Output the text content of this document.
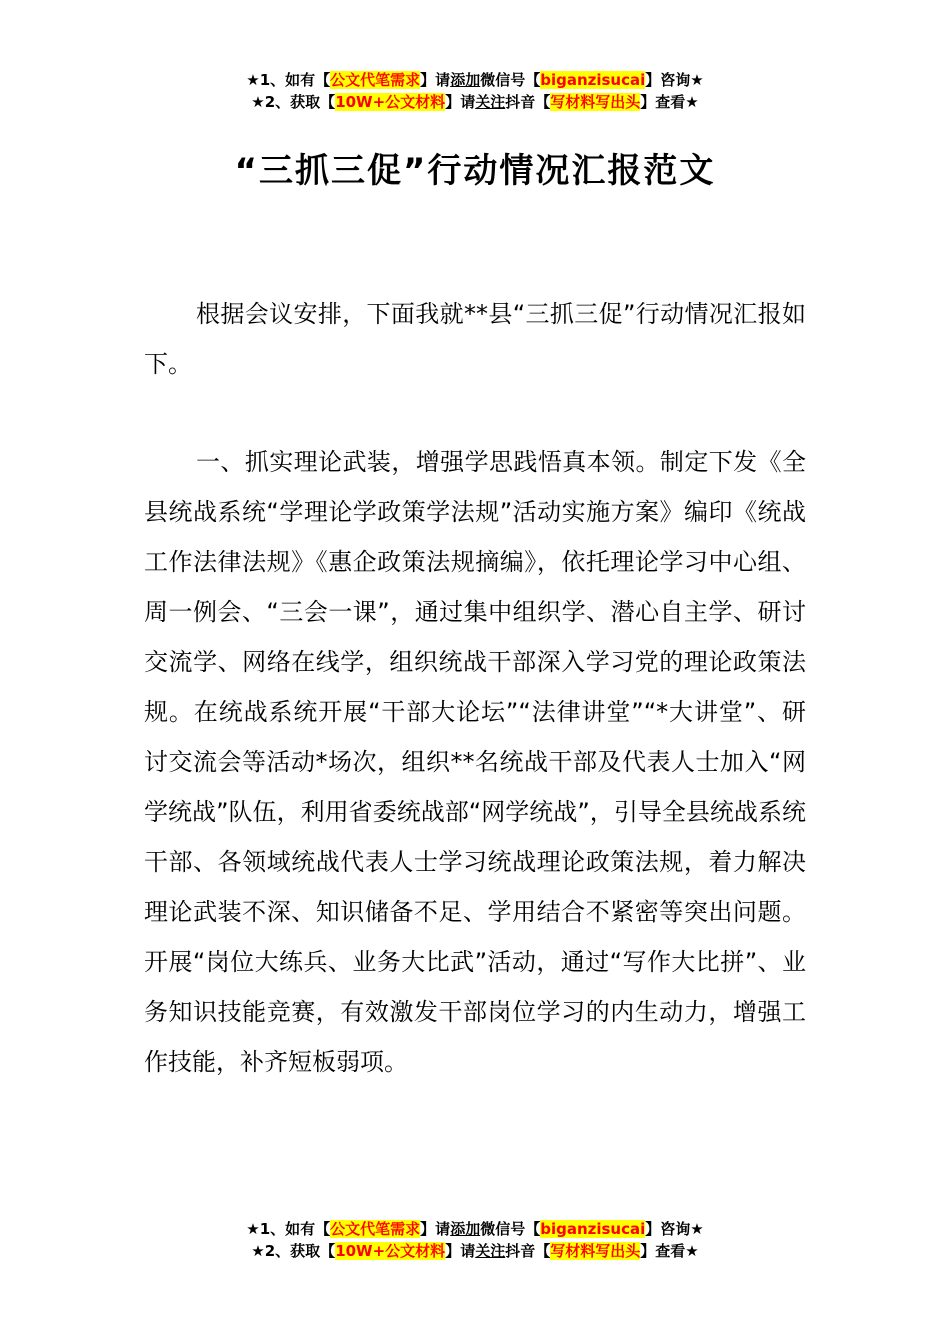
★1、如有【公文代笔需求】请添加微信号【biganzisucai】咨询★
★2、获取【10W+公文材料】请关注抖音【写材料写出头】查看★
“三抓三促”行动情况汇报范文
根据会议安排，下面我就**县“三抓三促”行动情况汇报如下。
一、抓实理论武装，增强学思践悟真本领。制定下发《全县统战系统“学理论学政策学法规”活动实施方案》编印《统战工作法律法规》《惠企政策法规摘编》，依托理论学习中心组、周一例会、“三会一课”，通过集中组织学、潜心自主学、研讨交流学、网络在线学，组织统战干部深入学习党的理论政策法规。在统战系统开展“干部大论坛”“法律讲堂”“*大讲堂”、研讨交流会等活动*场次，组织**名统战干部及代表人士加入“网学统战”队伍，利用省委统战部“网学统战”，引导全县统战系统干部、各领域统战代表人士学习统战理论政策法规，着力解决理论武装不深、知识储备不足、学用结合不紧密等突出问题。开展“岗位大练兵、业务大比武”活动，通过“写作大比拼”、业务知识技能竞赛，有效激发干部岗位学习的内生动力，增强工作技能，补齐短板弱项。
★1、如有【公文代笔需求】请添加微信号【biganzisucai】咨询★
★2、获取【10W+公文材料】请关注抖音【写材料写出头】查看★
